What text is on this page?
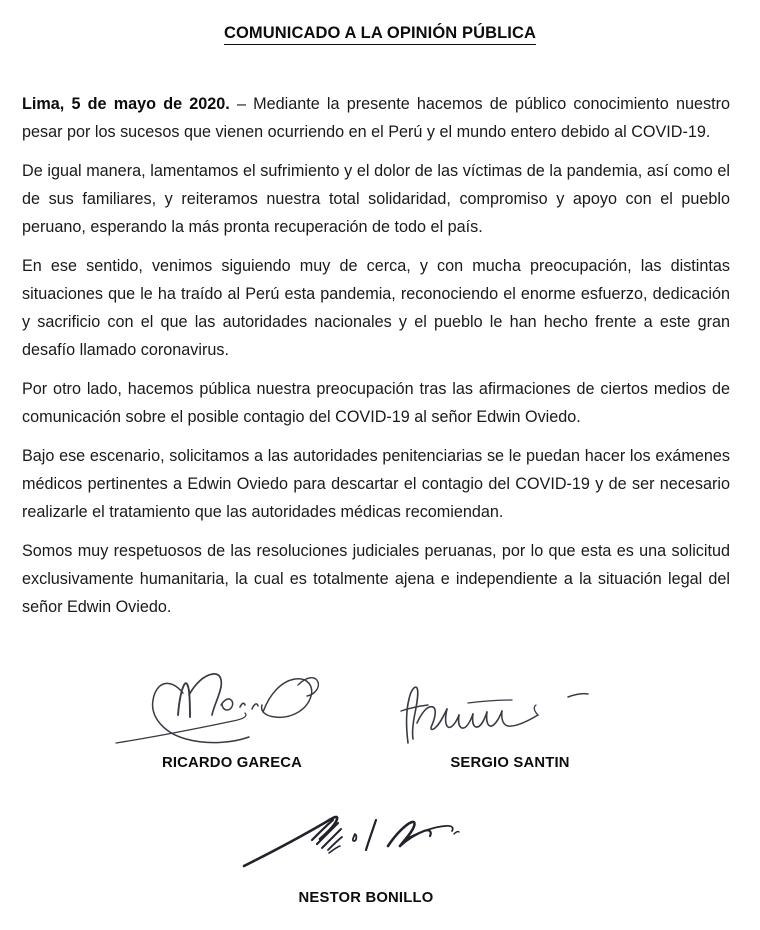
COMUNICADO A LA OPINIÓN PÚBLICA

Lima, 5 de mayo de 2020. – Mediante la presente hacemos de público conocimiento nuestro pesar por los sucesos que vienen ocurriendo en el Perú y el mundo entero debido al COVID-19.

De igual manera, lamentamos el sufrimiento y el dolor de las víctimas de la pandemia, así como el de sus familiares, y reiteramos nuestra total solidaridad, compromiso y apoyo con el pueblo peruano, esperando la más pronta recuperación de todo el país.

En ese sentido, venimos siguiendo muy de cerca, y con mucha preocupación, las distintas situaciones que le ha traído al Perú esta pandemia, reconociendo el enorme esfuerzo, dedicación y sacrificio con el que las autoridades nacionales y el pueblo le han hecho frente a este gran desafío llamado coronavirus.

Por otro lado, hacemos pública nuestra preocupación tras las afirmaciones de ciertos medios de comunicación sobre el posible contagio del COVID-19 al señor Edwin Oviedo.

Bajo ese escenario, solicitamos a las autoridades penitenciarias se le puedan hacer los exámenes médicos pertinentes a Edwin Oviedo para descartar el contagio del COVID-19 y de ser necesario realizarle el tratamiento que las autoridades médicas recomiendan.

Somos muy respetuosos de las resoluciones judiciales peruanas, por lo que esta es una solicitud exclusivamente humanitaria, la cual es totalmente ajena e independiente a la situación legal del señor Edwin Oviedo.

RICARDO GARECA	SERGIO SANTIN
NESTOR BONILLO
